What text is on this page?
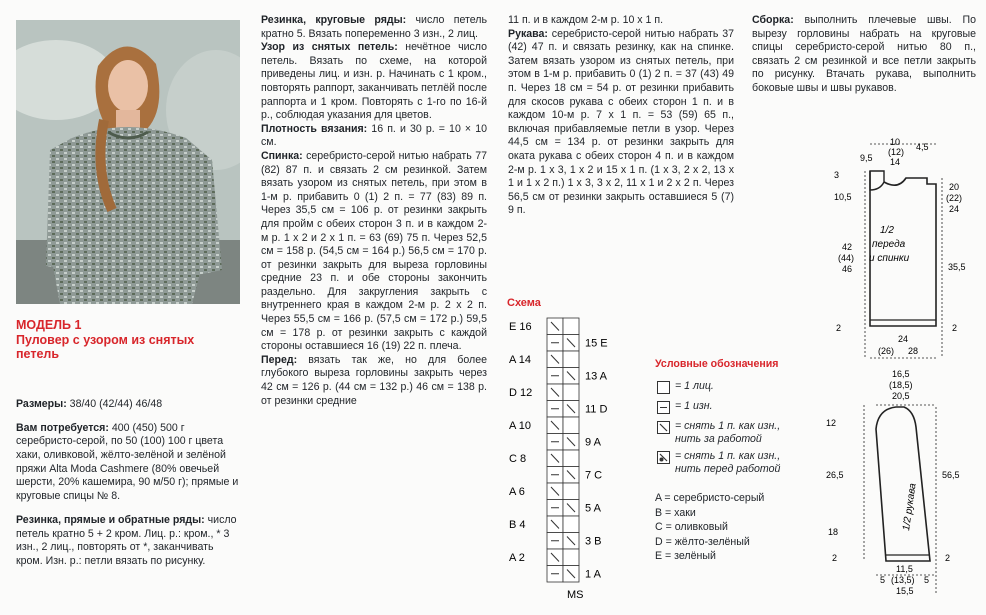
МОДЕЛЬ 1
Пуловер с узором из снятых
петель

Размеры: 38/40 (42/44) 46/48

Вам потребуется: 400 (450) 500 г серебристо-серой, по 50 (100) 100 г цвета хаки, оливковой, жёлто-зелёной и зелёной пряжи Alta Moda Cashmere (80% овечьей шерсти, 20% кашемира, 90 м/50 г); прямые и круговые спицы № 8.

Резинка, прямые и обратные ряды: число петель кратно 5 + 2 кром. Лиц. р.: кром., * 3 изн., 2 лиц., повторять от *, заканчивать кром. Изн. р.: петли вязать по рисунку.

Резинка, круговые ряды: число петель кратно 5. Вязать попеременно 3 изн., 2 лиц.

Узор из снятых петель: нечётное число петель. Вязать по схеме, на которой приведены лиц. и изн. р. Начинать с 1 кром., повторять раппорт, заканчивать петлёй после раппорта и 1 кром. Повторять с 1-го по 16-й р., соблюдая указания для цветов.

Плотность вязания: 16 п. и 30 р. = 10 × 10 см.

Спинка: серебристо-серой нитью набрать 77 (82) 87 п. и связать 2 см резинкой. Затем вязать узором из снятых петель, при этом в 1-м р. прибавить 0 (1) 2 п. = 77 (83) 89 п. Через 35,5 см = 106 р. от резинки закрыть для пройм с обеих сторон 3 п. и в каждом 2-м р. 1 х 2 и 2 х 1 п. = 63 (69) 75 п. Через 52,5 см = 158 р. (54,5 см = 164 р.) 56,5 см = 170 р. от резинки закрыть для выреза горловины средние 23 п. и обе стороны закончить раздельно. Для закругления закрыть с внутреннего края в каждом 2-м р. 2 х 2 п. Через 55,5 см = 166 р. (57,5 см = 172 р.) 59,5 см = 178 р. от резинки закрыть с каждой стороны оставшиеся 16 (19) 22 п. плеча.

Перед: вязать так же, но для более глубокого выреза горловины закрыть через 42 см = 126 р. (44 см = 132 р.) 46 см = 138 р. от резинки средние

11 п. и в каждом 2-м р. 10 х 1 п.

Рукава: серебристо-серой нитью набрать 37 (42) 47 п. и связать резинку, как на спинке. Затем вязать узором из снятых петель, при этом в 1-м р. прибавить 0 (1) 2 п. = 37 (43) 49 п. Через 18 см = 54 р. от резинки прибавить для скосов рукава с обеих сторон 1 п. и в каждом 10-м р. 7 х 1 п. = 53 (59) 65 п., включая прибавляемые петли в узор. Через 44,5 см = 134 р. от резинки закрыть для оката рукава с обеих сторон 4 п. и в каждом 2-м р. 1 х 3, 1 х 2 и 15 х 1 п. (1 х 3, 2 х 2, 13 х 1 и 1 х 2 п.) 1 х 3, 3 х 2, 11 х 1 и 2 х 2 п. Через 56,5 см от резинки закрыть оставшиеся 5 (7) 9 п.

Сборка: выполнить плечевые швы. По вырезу горловины набрать на круговые спицы серебристо-серой нитью 80 п., связать 2 см резинкой и все петли закрыть по рисунку. Втачать рукава, выполнить боковые швы и швы рукавов.

Схема
E 16
A 14
D 12
A 10
C 8
A 6
B 4
A 2
15 E
13 A
11 D
9 A
7 C
5 A
3 B
1 A
MS
Условные обозначения
= 1 лиц.
= 1 изн.
= снять 1 п. как изн.,
нить за работой
= снять 1 п. как изн.,
нить перед работой
A = серебристо-серый
B = хаки
C = оливковый
D = жёлто-зелёный
E = зелёный
10
(12)
14
9,5
4,5
3
10,5
20
(22)
24
42
(44)
46	35,5
2	2
1/2
переда
и спинки
24
(26) 28
16,5
(18,5)
20,5
12
26,5	56,5
18
2	2
1/2 рукава
11,5
(13,5)
15,5
5	5
